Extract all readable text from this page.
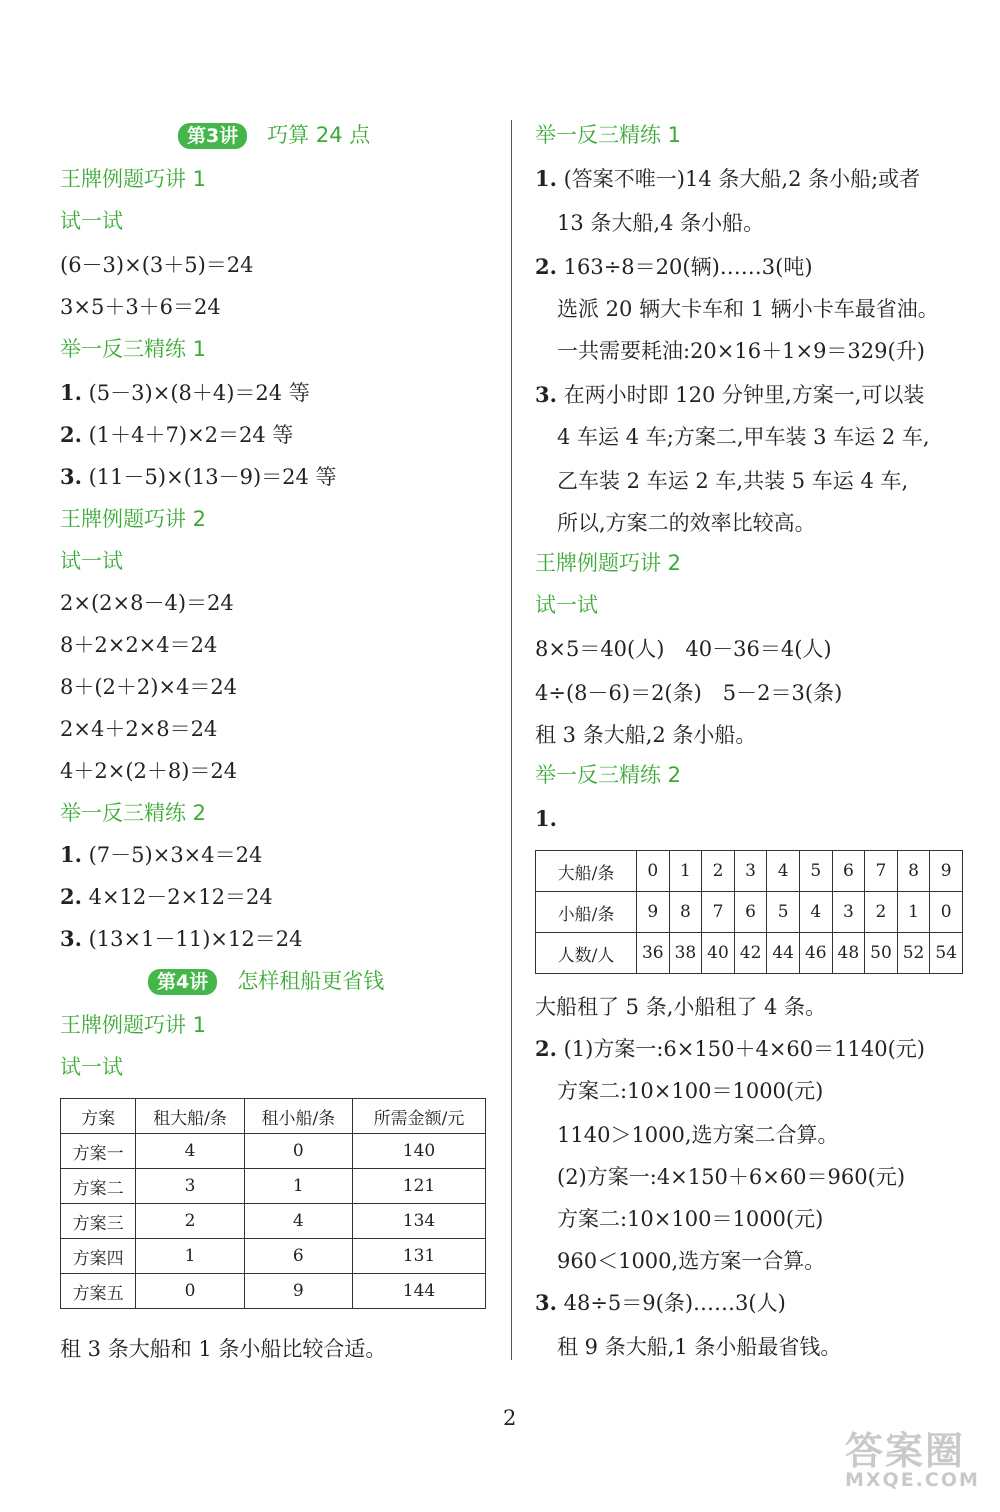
第3讲 巧算 24 点
第4讲 怎样租船更省钱
方案	租大船/条	租小船/条	所需金额/元
方案一	4	0	140
方案二	3	1	121
方案三	2	4	134
方案四	1	6	131
方案五	0	9	144
租 3 条大船和 1 条小船比较合适。
王牌例题巧讲 1
试一试
(6－3)×(3＋5)＝24
3×5＋3＋6＝24
举一反三精练 1
1. (5－3)×(8＋4)＝24 等
2. (1＋4＋7)×2＝24 等
3. (11－5)×(13－9)＝24 等
王牌例题巧讲 2
试一试
2×(2×8－4)＝24
8＋2×2×4＝24
8＋(2＋2)×4＝24
2×4＋2×8＝24
4＋2×(2＋8)＝24
举一反三精练 2
1. (7－5)×3×4＝24
2. 4×12－2×12＝24
3. (13×1－11)×12＝24
王牌例题巧讲 1
试一试
大船/条	0	1	2	3	4	5	6	7	8	9
小船/条	9	8	7	6	5	4	3	2	1	0
人数/人	36	38	40	42	44	46	48	50	52	54
举一反三精练 1
1. (答案不唯一)14 条大船,2 条小船;或者
13 条大船,4 条小船。
2. 163÷8＝20(辆)……3(吨)
选派 20 辆大卡车和 1 辆小卡车最省油。
一共需要耗油:20×16＋1×9＝329(升)
3. 在两小时即 120 分钟里,方案一,可以装
4 车运 4 车;方案二,甲车装 3 车运 2 车,
乙车装 2 车运 2 车,共装 5 车运 4 车,
所以,方案二的效率比较高。
王牌例题巧讲 2
试一试
8×5＝40(人)　40－36＝4(人)
4÷(8－6)＝2(条)　5－2＝3(条)
租 3 条大船,2 条小船。
举一反三精练 2
1.
大船租了 5 条,小船租了 4 条。
2. (1)方案一:6×150＋4×60＝1140(元)
方案二:10×100＝1000(元)
1140＞1000,选方案二合算。
(2)方案一:4×150＋6×60＝960(元)
方案二:10×100＝1000(元)
960＜1000,选方案一合算。
3. 48÷5＝9(条)……3(人)
租 9 条大船,1 条小船最省钱。
2
答案圈
MXQE.COM
